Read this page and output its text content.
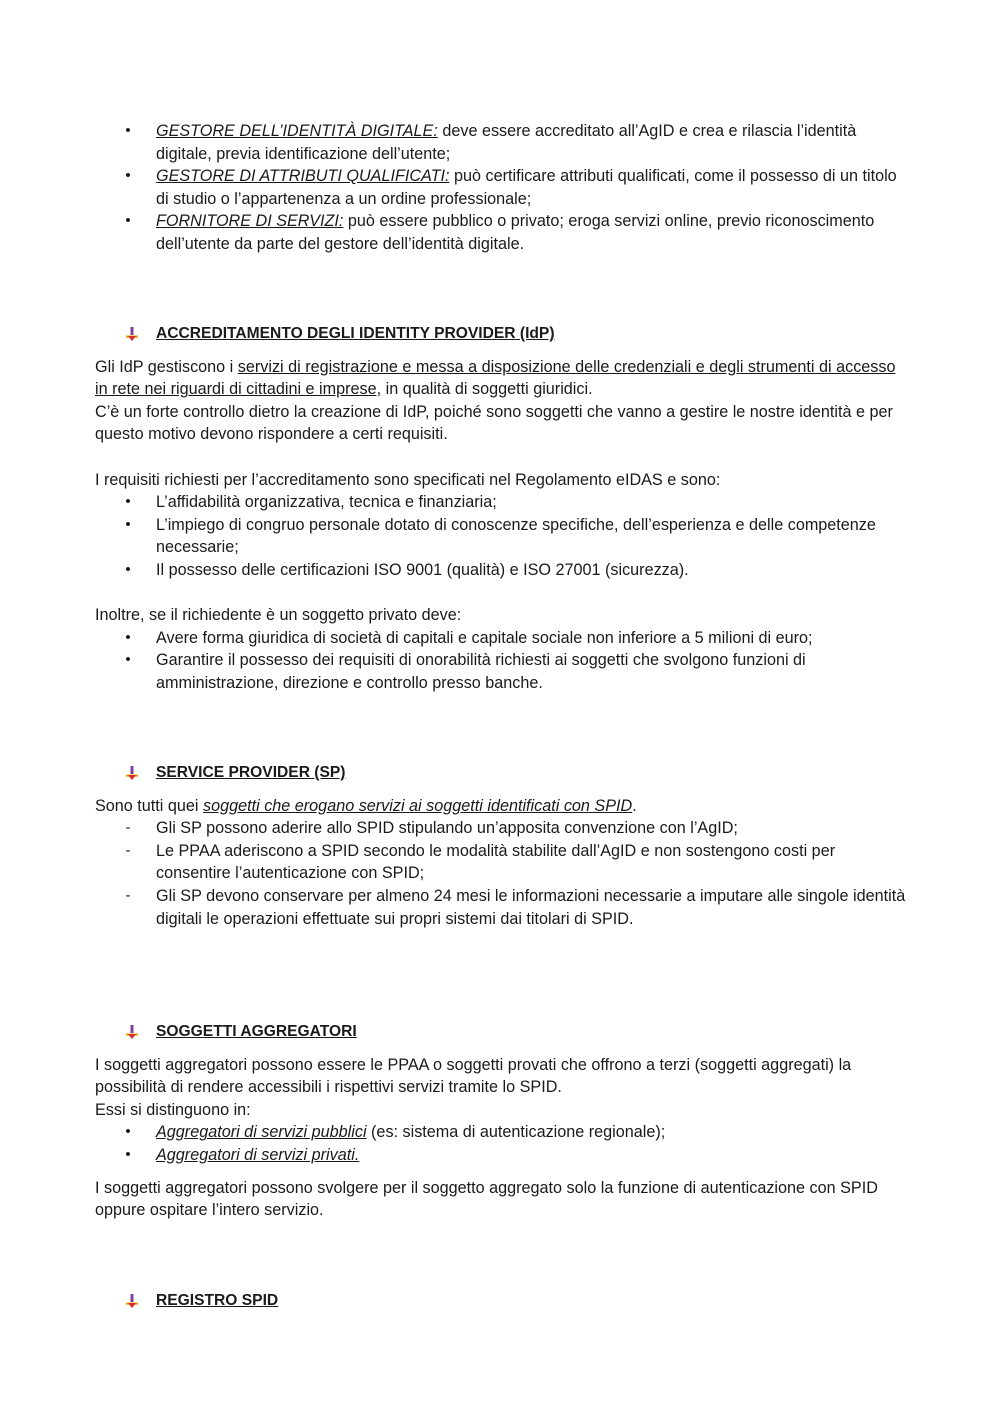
• GESTORE DELL’IDENTITÀ DIGITALE: deve essere accreditato all’AgID e crea e rilascia l’identità digitale, previa identificazione dell’utente;
• GESTORE DI ATTRIBUTI QUALIFICATI: può certificare attributi qualificati, come il possesso di un titolo di studio o l’appartenenza a un ordine professionale;
• FORNITORE DI SERVIZI: può essere pubblico o privato; eroga servizi online, previo riconoscimento dell’utente da parte del gestore dell’identità digitale.
ACCREDITAMENTO DEGLI IDENTITY PROVIDER (IdP)

Gli IdP gestiscono i servizi di registrazione e messa a disposizione delle credenziali e degli strumenti di accesso in rete nei riguardi di cittadini e imprese, in qualità di soggetti giuridici.

C’è un forte controllo dietro la creazione di IdP, poiché sono soggetti che vanno a gestire le nostre identità e per questo motivo devono rispondere a certi requisiti.

I requisiti richiesti per l’accreditamento sono specificati nel Regolamento eIDAS e sono:

• L’affidabilità organizzativa, tecnica e finanziaria;
• L’impiego di congruo personale dotato di conoscenze specifiche, dell’esperienza e delle competenze necessarie;
• Il possesso delle certificazioni ISO 9001 (qualità) e ISO 27001 (sicurezza).

Inoltre, se il richiedente è un soggetto privato deve:

• Avere forma giuridica di società di capitali e capitale sociale non inferiore a 5 milioni di euro;
• Garantire il possesso dei requisiti di onorabilità richiesti ai soggetti che svolgono funzioni di amministrazione, direzione e controllo presso banche.
SERVICE PROVIDER (SP)

Sono tutti quei soggetti che erogano servizi ai soggetti identificati con SPID.

- Gli SP possono aderire allo SPID stipulando un’apposita convenzione con l’AgID;
- Le PPAA aderiscono a SPID secondo le modalità stabilite dall’AgID e non sostengono costi per consentire l’autenticazione con SPID;
- Gli SP devono conservare per almeno 24 mesi le informazioni necessarie a imputare alle singole identità digitali le operazioni effettuate sui propri sistemi dai titolari di SPID.
SOGGETTI AGGREGATORI

I soggetti aggregatori possono essere le PPAA o soggetti provati che offrono a terzi (soggetti aggregati) la possibilità di rendere accessibili i rispettivi servizi tramite lo SPID.

Essi si distinguono in:

• Aggregatori di servizi pubblici (es: sistema di autenticazione regionale);
• Aggregatori di servizi privati.

I soggetti aggregatori possono svolgere per il soggetto aggregato solo la funzione di autenticazione con SPID oppure ospitare l’intero servizio.

REGISTRO SPID
